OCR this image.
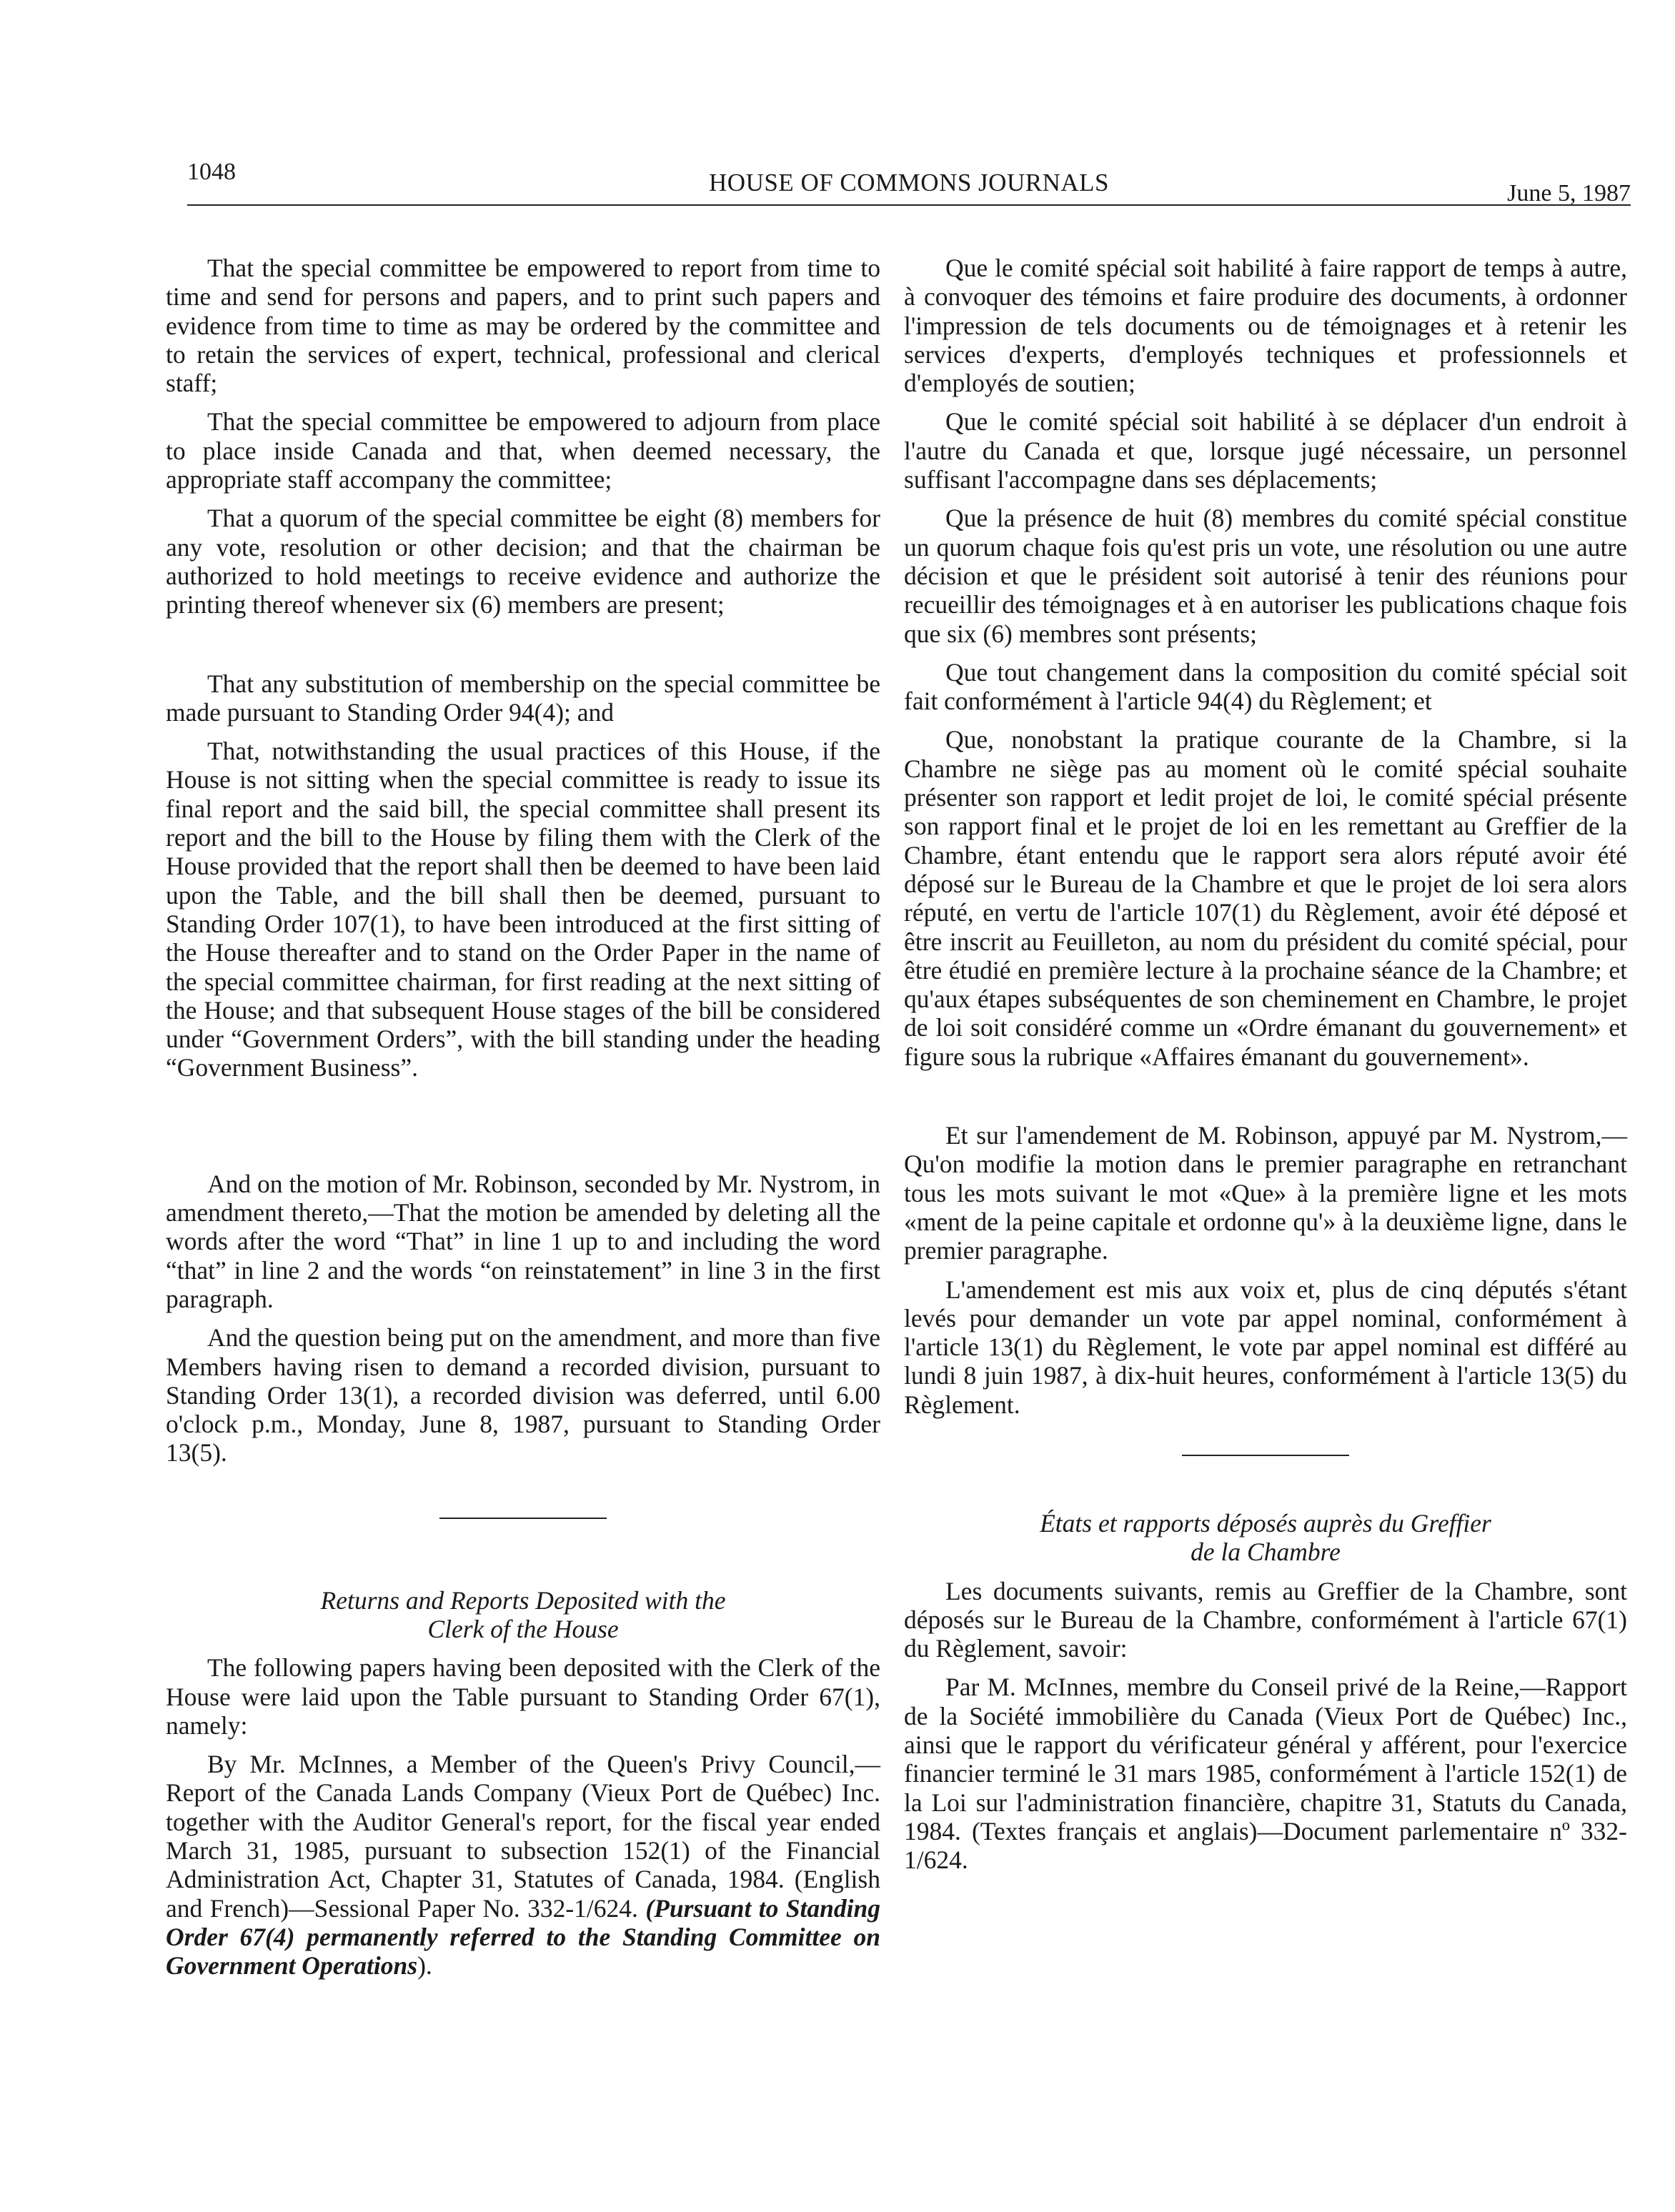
1048	HOUSE OF COMMONS JOURNALS	June 5, 1987

That the special committee be empowered to report from time to time and send for persons and papers, and to print such papers and evidence from time to time as may be ordered by the committee and to retain the services of expert, technical, professional and clerical staff;

That the special committee be empowered to adjourn from place to place inside Canada and that, when deemed necessary, the appropriate staff accompany the committee;

That a quorum of the special committee be eight (8) members for any vote, resolution or other decision; and that the chairman be authorized to hold meetings to receive evidence and authorize the printing thereof whenever six (6) members are present;

That any substitution of membership on the special committee be made pursuant to Standing Order 94(4); and

That, notwithstanding the usual practices of this House, if the House is not sitting when the special committee is ready to issue its final report and the said bill, the special committee shall present its report and the bill to the House by filing them with the Clerk of the House provided that the report shall then be deemed to have been laid upon the Table, and the bill shall then be deemed, pursuant to Standing Order 107(1), to have been introduced at the first sitting of the House thereafter and to stand on the Order Paper in the name of the special committee chairman, for first reading at the next sitting of the House; and that subsequent House stages of the bill be considered under “Government Orders”, with the bill standing under the heading “Government Business”.

And on the motion of Mr. Robinson, seconded by Mr. Nystrom, in amendment thereto,—That the motion be amended by deleting all the words after the word “That” in line 1 up to and including the word “that” in line 2 and the words “on reinstatement” in line 3 in the first paragraph.

And the question being put on the amendment, and more than five Members having risen to demand a recorded division, pursuant to Standing Order 13(1), a recorded division was deferred, until 6.00 o'clock p.m., Monday, June 8, 1987, pursuant to Standing Order 13(5).

Returns and Reports Deposited with the
Clerk of the House

The following papers having been deposited with the Clerk of the House were laid upon the Table pursuant to Standing Order 67(1), namely:

By Mr. McInnes, a Member of the Queen's Privy Council,—Report of the Canada Lands Company (Vieux Port de Québec) Inc. together with the Auditor General's report, for the fiscal year ended March 31, 1985, pursuant to subsection 152(1) of the Financial Administration Act, Chapter 31, Statutes of Canada, 1984. (English and French)—Sessional Paper No. 332-1/624. (Pursuant to Standing Order 67(4) permanently referred to the Standing Committee on Government Operations).

Que le comité spécial soit habilité à faire rapport de temps à autre, à convoquer des témoins et faire produire des documents, à ordonner l'impression de tels documents ou de témoignages et à retenir les services d'experts, d'employés techniques et professionnels et d'employés de soutien;

Que le comité spécial soit habilité à se déplacer d'un endroit à l'autre du Canada et que, lorsque jugé nécessaire, un personnel suffisant l'accompagne dans ses déplacements;

Que la présence de huit (8) membres du comité spécial constitue un quorum chaque fois qu'est pris un vote, une résolution ou une autre décision et que le président soit autorisé à tenir des réunions pour recueillir des témoignages et à en autoriser les publications chaque fois que six (6) membres sont présents;

Que tout changement dans la composition du comité spécial soit fait conformément à l'article 94(4) du Règlement; et

Que, nonobstant la pratique courante de la Chambre, si la Chambre ne siège pas au moment où le comité spécial souhaite présenter son rapport et ledit projet de loi, le comité spécial présente son rapport final et le projet de loi en les remettant au Greffier de la Chambre, étant entendu que le rapport sera alors réputé avoir été déposé sur le Bureau de la Chambre et que le projet de loi sera alors réputé, en vertu de l'article 107(1) du Règlement, avoir été déposé et être inscrit au Feuilleton, au nom du président du comité spécial, pour être étudié en première lecture à la prochaine séance de la Chambre; et qu'aux étapes subséquentes de son cheminement en Chambre, le projet de loi soit considéré comme un «Ordre émanant du gouvernement» et figure sous la rubrique «Affaires émanant du gouvernement».

Et sur l'amendement de M. Robinson, appuyé par M. Nystrom,—Qu'on modifie la motion dans le premier paragraphe en retranchant tous les mots suivant le mot «Que» à la première ligne et les mots «ment de la peine capitale et ordonne qu'» à la deuxième ligne, dans le premier paragraphe.

L'amendement est mis aux voix et, plus de cinq députés s'étant levés pour demander un vote par appel nominal, conformément à l'article 13(1) du Règlement, le vote par appel nominal est différé au lundi 8 juin 1987, à dix-huit heures, conformément à l'article 13(5) du Règlement.

États et rapports déposés auprès du Greffier
de la Chambre

Les documents suivants, remis au Greffier de la Chambre, sont déposés sur le Bureau de la Chambre, conformément à l'article 67(1) du Règlement, savoir:

Par M. McInnes, membre du Conseil privé de la Reine,—Rapport de la Société immobilière du Canada (Vieux Port de Québec) Inc., ainsi que le rapport du vérificateur général y afférent, pour l'exercice financier terminé le 31 mars 1985, conformément à l'article 152(1) de la Loi sur l'administration financière, chapitre 31, Statuts du Canada, 1984. (Textes français et anglais)—Document parlementaire nº 332-1/624.
